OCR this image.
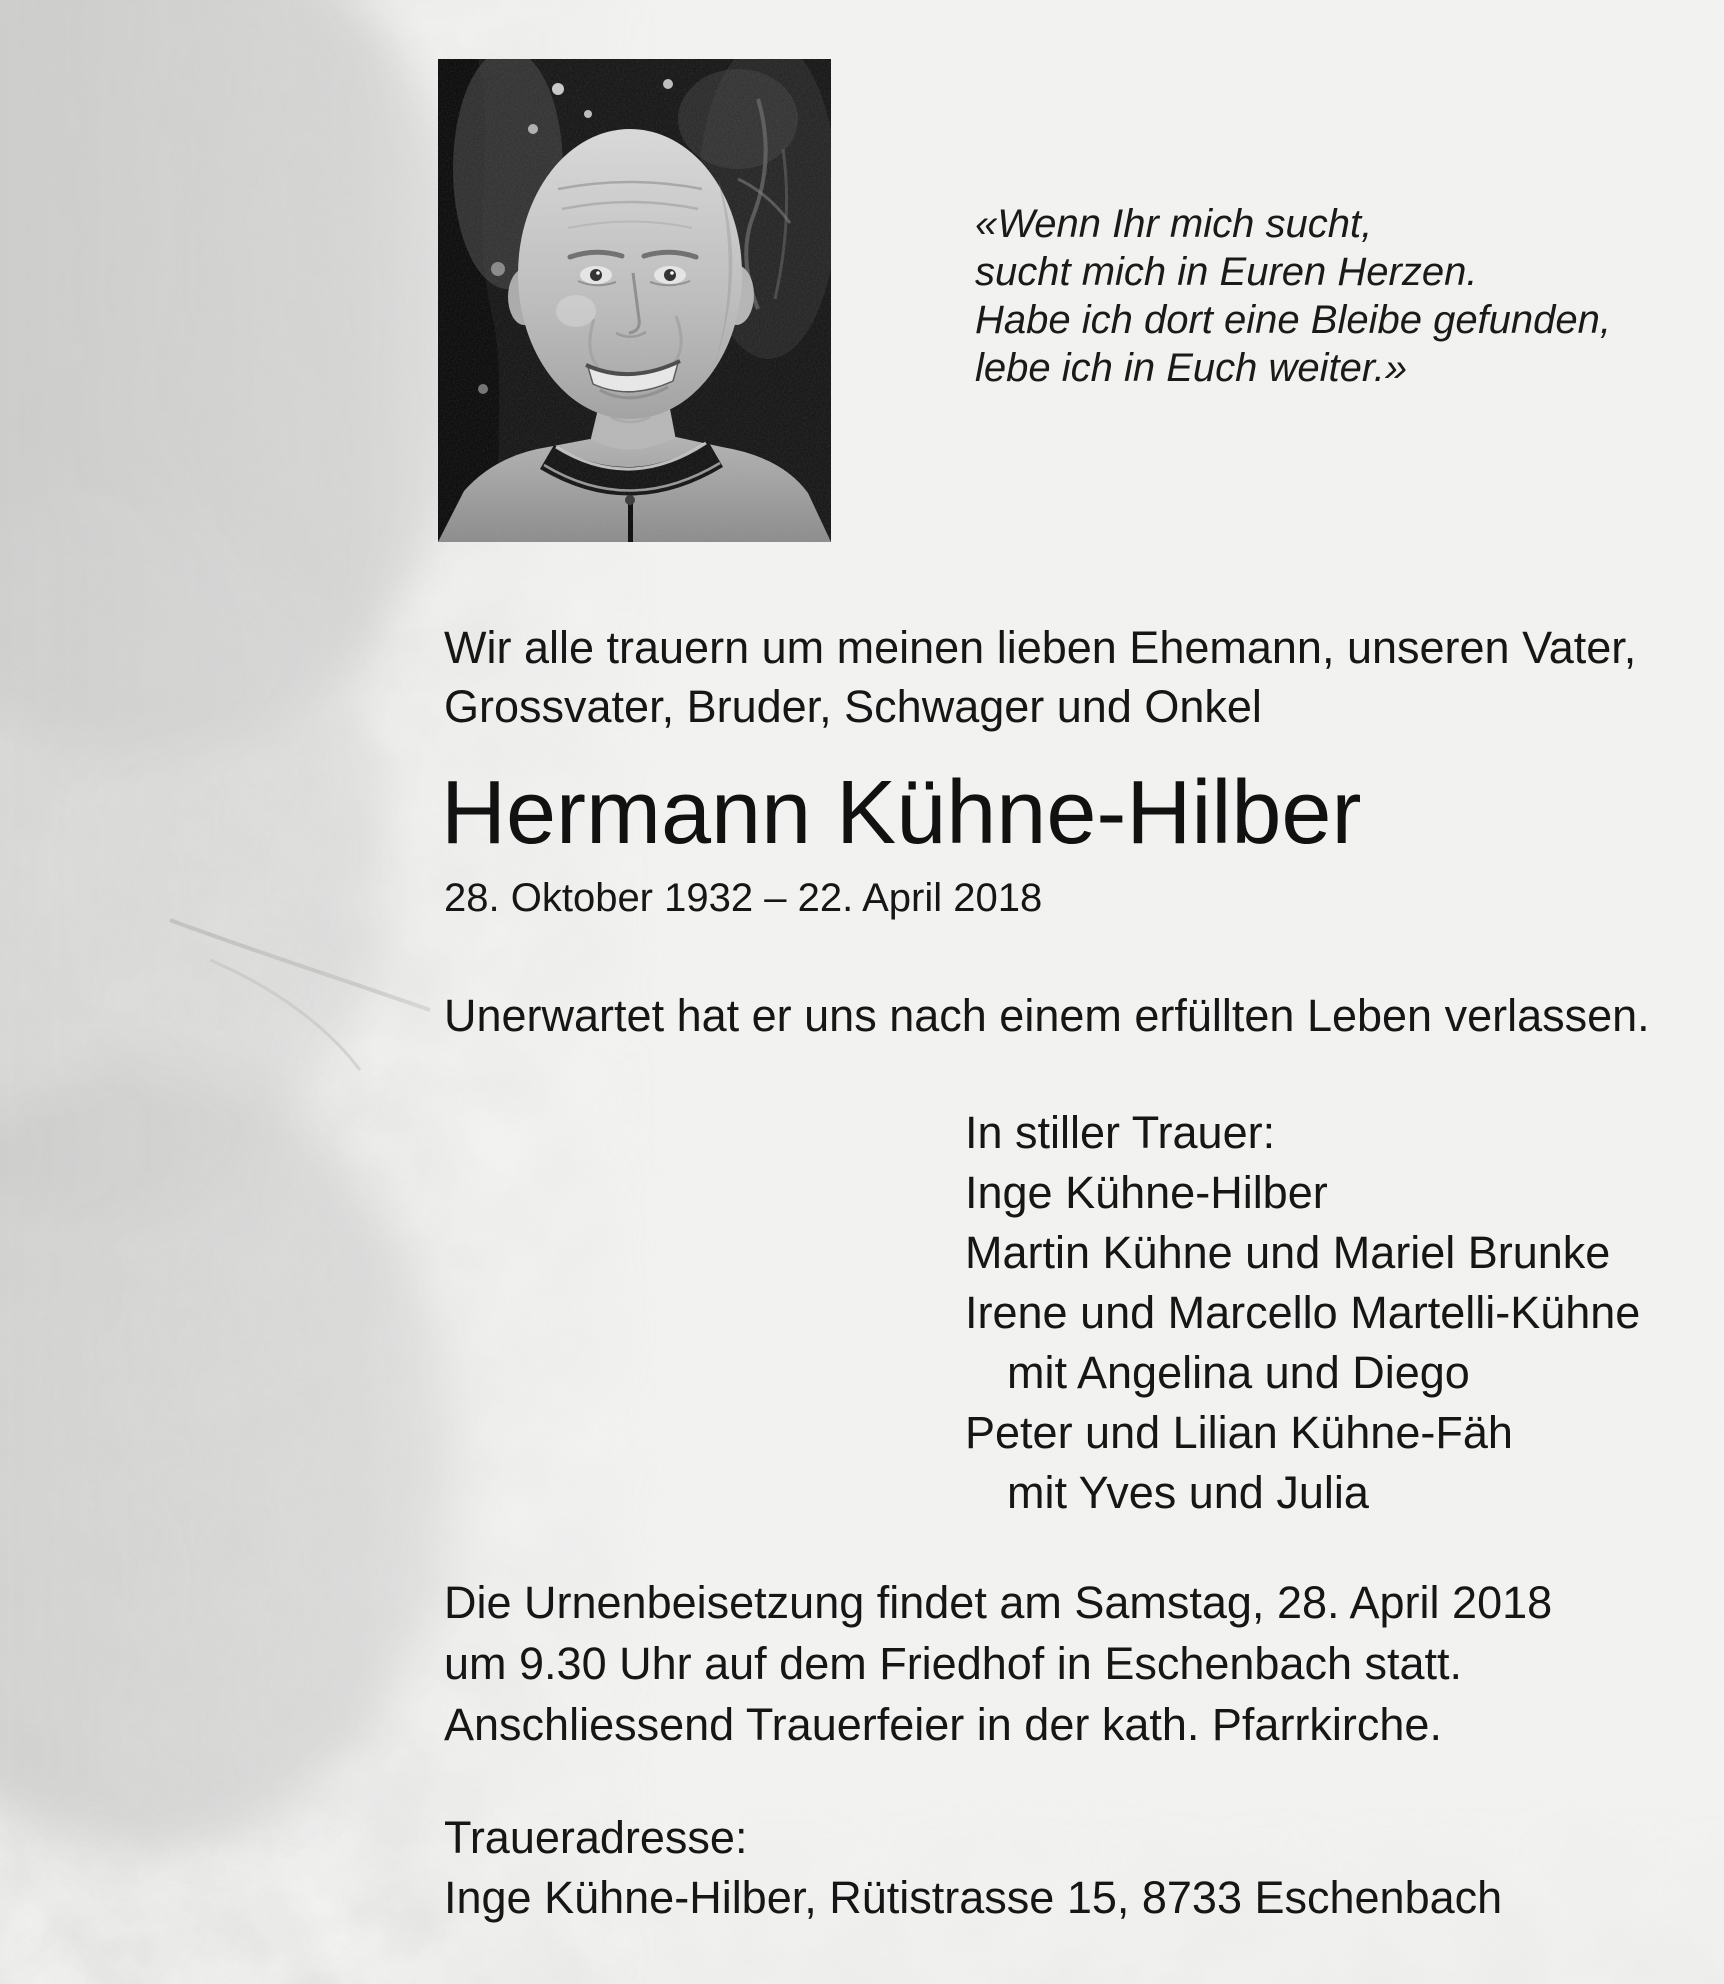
«Wenn Ihr mich sucht,
sucht mich in Euren Herzen.
Habe ich dort eine Bleibe gefunden,
lebe ich in Euch weiter.»
Wir alle trauern um meinen lieben Ehemann, unseren Vater,
Grossvater, Bruder, Schwager und Onkel
Hermann Kühne-Hilber
28. Oktober 1932 – 22. April 2018
Unerwartet hat er uns nach einem erfüllten Leben verlassen.
In stiller Trauer:
Inge Kühne-Hilber
Martin Kühne und Mariel Brunke
Irene und Marcello Martelli-Kühne
mit Angelina und Diego
Peter und Lilian Kühne-Fäh
mit Yves und Julia
Die Urnenbeisetzung findet am Samstag, 28. April 2018
um 9.30 Uhr auf dem Friedhof in Eschenbach statt.
Anschliessend Trauerfeier in der kath. Pfarrkirche.
Traueradresse:
Inge Kühne-Hilber, Rütistrasse 15, 8733 Eschenbach
